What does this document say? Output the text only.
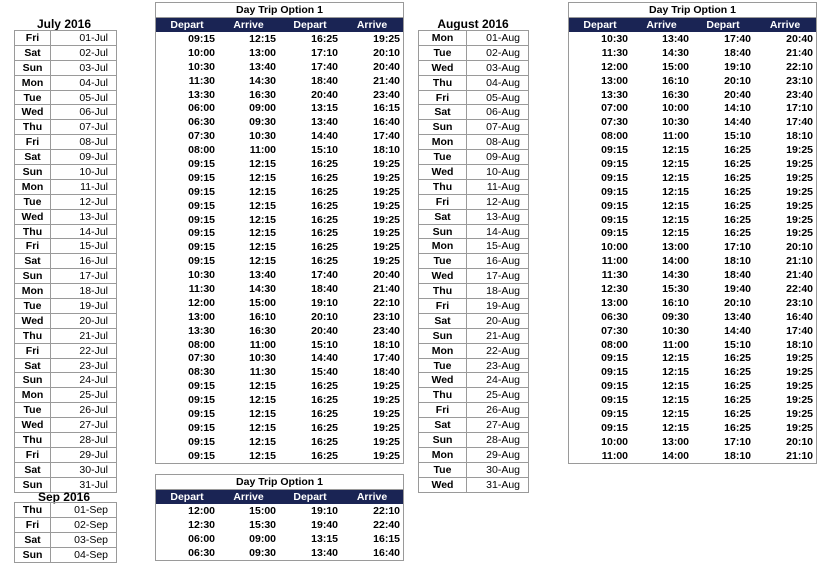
July 2016
Fri	01-Jul
Sat	02-Jul
Sun	03-Jul
Mon	04-Jul
Tue	05-Jul
Wed	06-Jul
Thu	07-Jul
Fri	08-Jul
Sat	09-Jul
Sun	10-Jul
Mon	11-Jul
Tue	12-Jul
Wed	13-Jul
Thu	14-Jul
Fri	15-Jul
Sat	16-Jul
Sun	17-Jul
Mon	18-Jul
Tue	19-Jul
Wed	20-Jul
Thu	21-Jul
Fri	22-Jul
Sat	23-Jul
Sun	24-Jul
Mon	25-Jul
Tue	26-Jul
Wed	27-Jul
Thu	28-Jul
Fri	29-Jul
Sat	30-Jul
Sun	31-Jul
Day Trip Option 1
Depart	Arrive	Depart	Arrive
09:15	12:15	16:25	19:25
10:00	13:00	17:10	20:10
10:30	13:40	17:40	20:40
11:30	14:30	18:40	21:40
13:30	16:30	20:40	23:40
06:00	09:00	13:15	16:15
06:30	09:30	13:40	16:40
07:30	10:30	14:40	17:40
08:00	11:00	15:10	18:10
09:15	12:15	16:25	19:25
09:15	12:15	16:25	19:25
09:15	12:15	16:25	19:25
09:15	12:15	16:25	19:25
09:15	12:15	16:25	19:25
09:15	12:15	16:25	19:25
09:15	12:15	16:25	19:25
09:15	12:15	16:25	19:25
10:30	13:40	17:40	20:40
11:30	14:30	18:40	21:40
12:00	15:00	19:10	22:10
13:00	16:10	20:10	23:10
13:30	16:30	20:40	23:40
08:00	11:00	15:10	18:10
07:30	10:30	14:40	17:40
08:30	11:30	15:40	18:40
09:15	12:15	16:25	19:25
09:15	12:15	16:25	19:25
09:15	12:15	16:25	19:25
09:15	12:15	16:25	19:25
09:15	12:15	16:25	19:25
09:15	12:15	16:25	19:25
August 2016
Mon	01-Aug
Tue	02-Aug
Wed	03-Aug
Thu	04-Aug
Fri	05-Aug
Sat	06-Aug
Sun	07-Aug
Mon	08-Aug
Tue	09-Aug
Wed	10-Aug
Thu	11-Aug
Fri	12-Aug
Sat	13-Aug
Sun	14-Aug
Mon	15-Aug
Tue	16-Aug
Wed	17-Aug
Thu	18-Aug
Fri	19-Aug
Sat	20-Aug
Sun	21-Aug
Mon	22-Aug
Tue	23-Aug
Wed	24-Aug
Thu	25-Aug
Fri	26-Aug
Sat	27-Aug
Sun	28-Aug
Mon	29-Aug
Tue	30-Aug
Wed	31-Aug
Day Trip Option 1
Depart	Arrive	Depart	Arrive
10:30	13:40	17:40	20:40
11:30	14:30	18:40	21:40
12:00	15:00	19:10	22:10
13:00	16:10	20:10	23:10
13:30	16:30	20:40	23:40
07:00	10:00	14:10	17:10
07:30	10:30	14:40	17:40
08:00	11:00	15:10	18:10
09:15	12:15	16:25	19:25
09:15	12:15	16:25	19:25
09:15	12:15	16:25	19:25
09:15	12:15	16:25	19:25
09:15	12:15	16:25	19:25
09:15	12:15	16:25	19:25
09:15	12:15	16:25	19:25
10:00	13:00	17:10	20:10
11:00	14:00	18:10	21:10
11:30	14:30	18:40	21:40
12:30	15:30	19:40	22:40
13:00	16:10	20:10	23:10
06:30	09:30	13:40	16:40
07:30	10:30	14:40	17:40
08:00	11:00	15:10	18:10
09:15	12:15	16:25	19:25
09:15	12:15	16:25	19:25
09:15	12:15	16:25	19:25
09:15	12:15	16:25	19:25
09:15	12:15	16:25	19:25
09:15	12:15	16:25	19:25
10:00	13:00	17:10	20:10
11:00	14:00	18:10	21:10
Sep 2016
Thu	01-Sep
Fri	02-Sep
Sat	03-Sep
Sun	04-Sep
Day Trip Option 1
Depart	Arrive	Depart	Arrive
12:00	15:00	19:10	22:10
12:30	15:30	19:40	22:40
06:00	09:00	13:15	16:15
06:30	09:30	13:40	16:40
